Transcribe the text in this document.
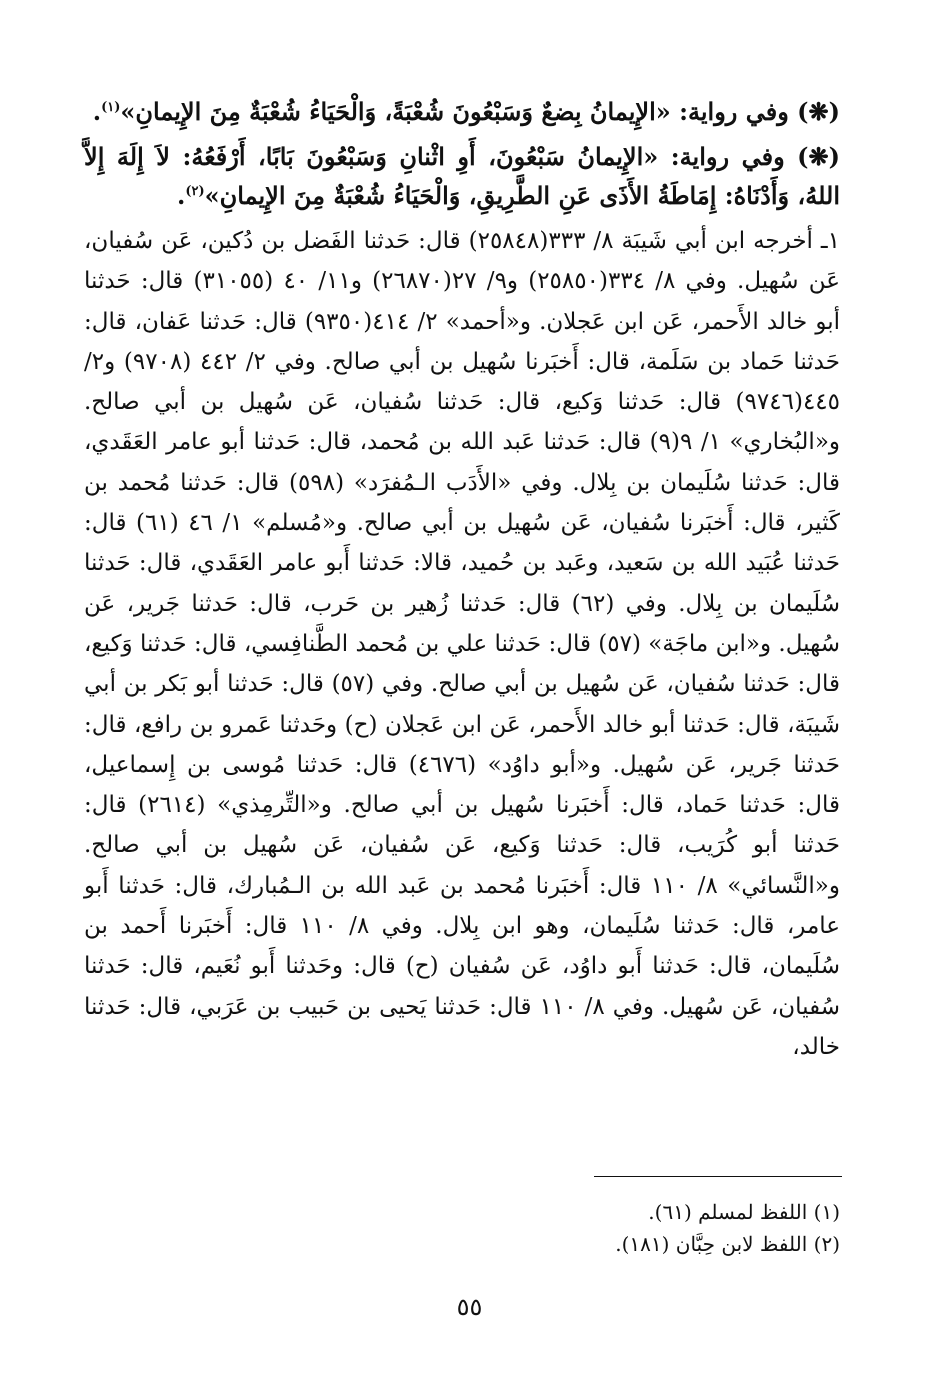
(❋) وفي رواية: «الإِيمانُ بِضعٌ وَسَبْعُونَ شُعْبَةً، وَالْحَيَاءُ شُعْبَةٌ مِنَ الإِيمانِ»$^{(١)}$.

(❋) وفي رواية: «الإِيمانُ سَبْعُونَ، أَوِ اثْنانِ وَسَبْعُونَ بَابًا، أَرْفَعُهُ: لاَ إِلَهَ إِلاَّ اللهُ، وَأَدْنَاهُ: إِمَاطَةُ الأَذَى عَنِ الطَّرِيقِ، وَالْحَيَاءُ شُعْبَةٌ مِنَ الإِيمانِ»$^{(٢)}$.

١ـ أخرجه ابن أبي شَيبَة ٨/ ٣٣٣(٢٥٨٤٨) قال: حَدثنا الفَضل بن دُكين، عَن سُفيان، عَن سُهيل. وفي ٨/ ٣٣٤(٢٥٨٥٠) و٩/ ٢٧(٢٦٨٧٠) و١١/ ٤٠ (٣١٠٥٥) قال: حَدثنا أبو خالد الأَحمر، عَن ابن عَجلان. و«أحمد» ٢/ ٤١٤(٩٣٥٠) قال: حَدثنا عَفان، قال: حَدثنا حَماد بن سَلَمة، قال: أَخبَرنا سُهيل بن أبي صالح. وفي ٢/ ٤٤٢ (٩٧٠٨) و٢/ ٤٤٥(٩٧٤٦) قال: حَدثنا وَكيع، قال: حَدثنا سُفيان، عَن سُهيل بن أبي صالح. و«البُخاري» ١/ ٩(٩) قال: حَدثنا عَبد الله بن مُحمد، قال: حَدثنا أبو عامر العَقَدي، قال: حَدثنا سُلَيمان بن بِلال. وفي «الأَدَب الـمُفرَد» (٥٩٨) قال: حَدثنا مُحمد بن كَثير، قال: أَخبَرنا سُفيان، عَن سُهيل بن أبي صالح. و«مُسلم» ١/ ٤٦ (٦١) قال: حَدثنا عُبَيد الله بن سَعيد، وعَبد بن حُميد، قالا: حَدثنا أَبو عامر العَقَدي، قال: حَدثنا سُلَيمان بن بِلال. وفي (٦٢) قال: حَدثنا زُهير بن حَرب، قال: حَدثنا جَرير، عَن سُهيل. و«ابن ماجَة» (٥٧) قال: حَدثنا علي بن مُحمد الطَّنافِسي، قال: حَدثنا وَكيع، قال: حَدثنا سُفيان، عَن سُهيل بن أبي صالح. وفي (٥٧) قال: حَدثنا أبو بَكر بن أبي شَيبَة، قال: حَدثنا أبو خالد الأَحمر، عَن ابن عَجلان (ح) وحَدثنا عَمرو بن رافع، قال: حَدثنا جَرير، عَن سُهيل. و«أبو داوُد» (٤٦٧٦) قال: حَدثنا مُوسى بن إِسماعيل، قال: حَدثنا حَماد، قال: أَخبَرنا سُهيل بن أبي صالح. و«التِّرمِذي» (٢٦١٤) قال: حَدثنا أبو كُرَيب، قال: حَدثنا وَكيع، عَن سُفيان، عَن سُهيل بن أبي صالح. و«النَّسائي» ٨/ ١١٠ قال: أَخبَرنا مُحمد بن عَبد الله بن الـمُبارك، قال: حَدثنا أَبو عامر، قال: حَدثنا سُلَيمان، وهو ابن بِلال. وفي ٨/ ١١٠ قال: أَخبَرنا أَحمد بن سُلَيمان، قال: حَدثنا أَبو داوُد، عَن سُفيان (ح) قال: وحَدثنا أَبو نُعَيم، قال: حَدثنا سُفيان، عَن سُهيل. وفي ٨/ ١١٠ قال: حَدثنا يَحيى بن حَبيب بن عَرَبي، قال: حَدثنا خالد،

(١) اللفظ لمسلم (٦١).

(٢) اللفظ لابن حِبَّان (١٨١).

٥٥
